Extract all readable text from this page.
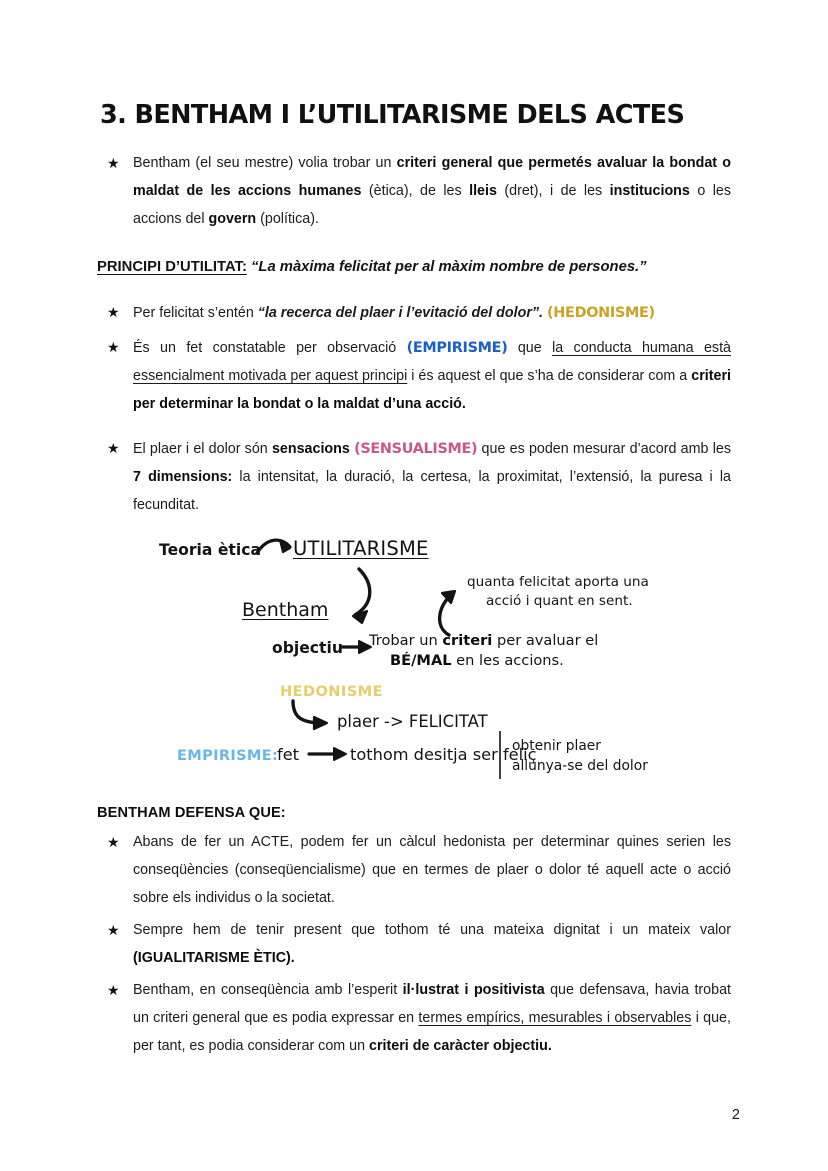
3. BENTHAM I L’UTILITARISME DELS ACTES
★ Bentham (el seu mestre) volia trobar un criteri general que permetés avaluar la bondat o maldat de les accions humanes (ètica), de les lleis (dret), i de les institucions o les accions del govern (política).
PRINCIPI D’UTILITAT: “La màxima felicitat per al màxim nombre de persones.”
★ Per felicitat s’entén “la recerca del plaer i l’evitació del dolor”. (HEDONISME)
★ És un fet constatable per observació (EMPIRISME) que la conducta humana està essencialment motivada per aquest principi i és aquest el que s’ha de considerar com a criteri per determinar la bondat o la maldat d’una acció.
★ El plaer i el dolor són sensacions (SENSUALISME) que es poden mesurar d’acord amb les 7 dimensions: la intensitat, la duració, la certesa, la proximitat, l’extensió, la puresa i la fecunditat.
Teoria ètica UTILITARISME
Bentham
objectiu Trobar un criteri per avaluar el
BÉ/MAL en les accions.
quanta felicitat aporta una
acció i quant en sent.
HEDONISME
plaer -> FELICITAT
EMPIRISME:
fet	tothom desitja ser feliç
obtenir plaer
allunya-se del dolor
BENTHAM DEFENSA QUE:
★ Abans de fer un ACTE, podem fer un càlcul hedonista per determinar quines serien les conseqüències (conseqüencialisme) que en termes de plaer o dolor té aquell acte o acció sobre els individus o la societat.
★ Sempre hem de tenir present que tothom té una mateixa dignitat i un mateix valor (IGUALITARISME ÈTIC).
★ Bentham, en conseqüència amb l’esperit il·lustrat i positivista que defensava, havia trobat un criteri general que es podia expressar en termes empírics, mesurables i observables i que, per tant, es podia considerar com un criteri de caràcter objectiu.
2
